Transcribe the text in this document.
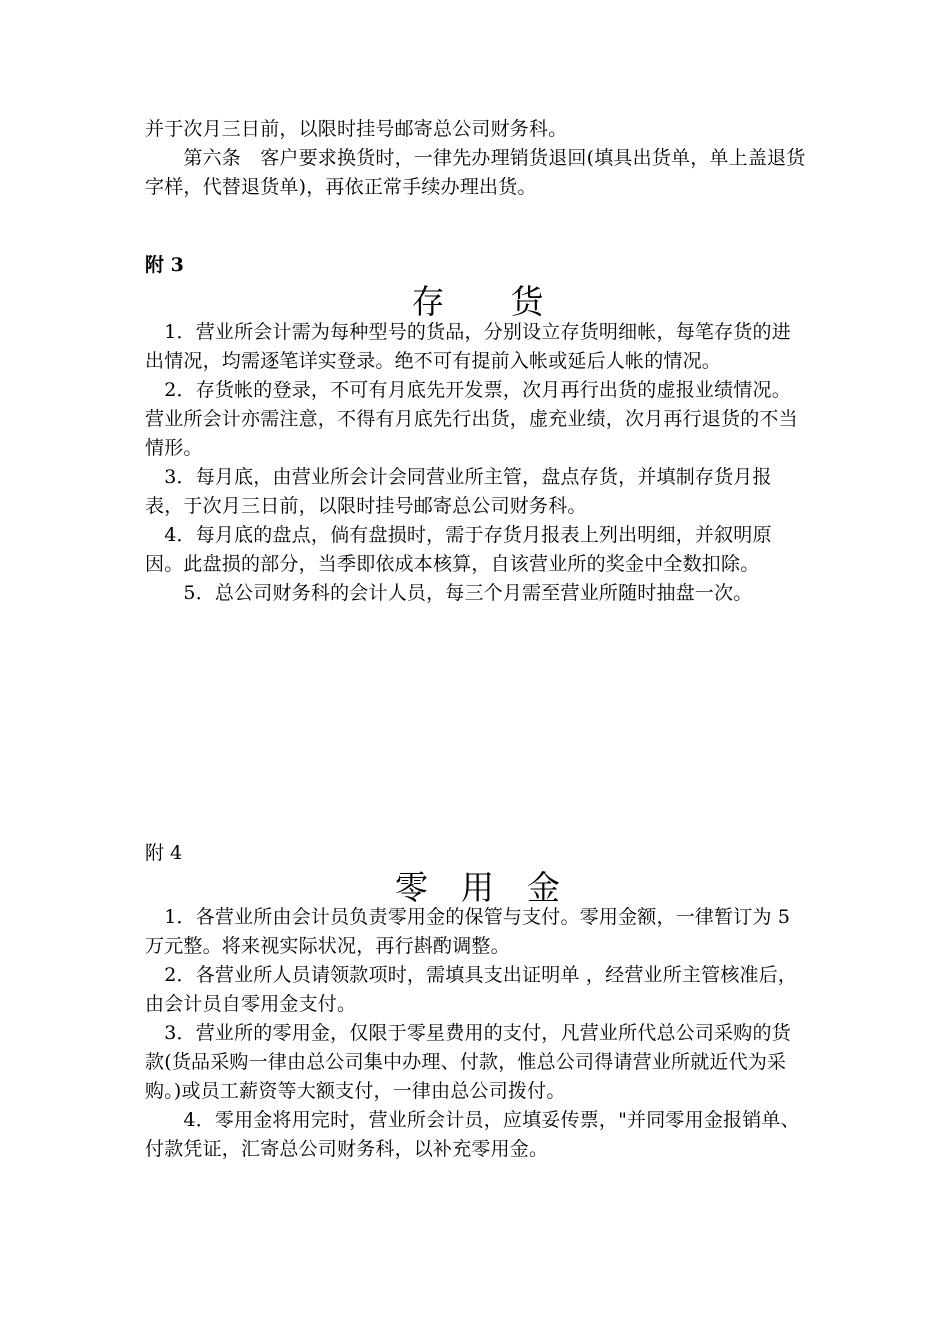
并于次月三日前，以限时挂号邮寄总公司财务科。

　　第六条　客户要求换货时，一律先办理销货退回(填具出货单，单上盖退货字样，代替退货单)，再依正常手续办理出货。

附 3

存　　货

　1．营业所会计需为每种型号的货品，分别设立存货明细帐，每笔存货的进出情况，均需逐笔详实登录。绝不可有提前入帐或延后人帐的情况。

　2．存货帐的登录，不可有月底先开发票，次月再行出货的虚报业绩情况。营业所会计亦需注意，不得有月底先行出货，虚充业绩，次月再行退货的不当情形。

　3．每月底，由营业所会计会同营业所主管，盘点存货，并填制存货月报表，于次月三日前，以限时挂号邮寄总公司财务科。

　4．每月底的盘点，倘有盘损时，需于存货月报表上列出明细，并叙明原因。此盘损的部分，当季即依成本核算，自该营业所的奖金中全数扣除。

　　5．总公司财务科的会计人员，每三个月需至营业所随时抽盘一次。

附 4

零　用　金

　1．各营业所由会计员负责零用金的保管与支付。零用金额，一律暂订为 5 万元整。将来视实际状况，再行斟酌调整。

　2．各营业所人员请领款项时，需填具支出证明单 ，经营业所主管核准后，由会计员自零用金支付。

　3．营业所的零用金，仅限于零星费用的支付，凡营业所代总公司采购的货款(货品采购一律由总公司集中办理、付款，惟总公司得请营业所就近代为采购。)或员工薪资等大额支付，一律由总公司拨付。

　　4．零用金将用完时，营业所会计员，应填妥传票，"并同零用金报销单、付款凭证，汇寄总公司财务科，以补充零用金。
